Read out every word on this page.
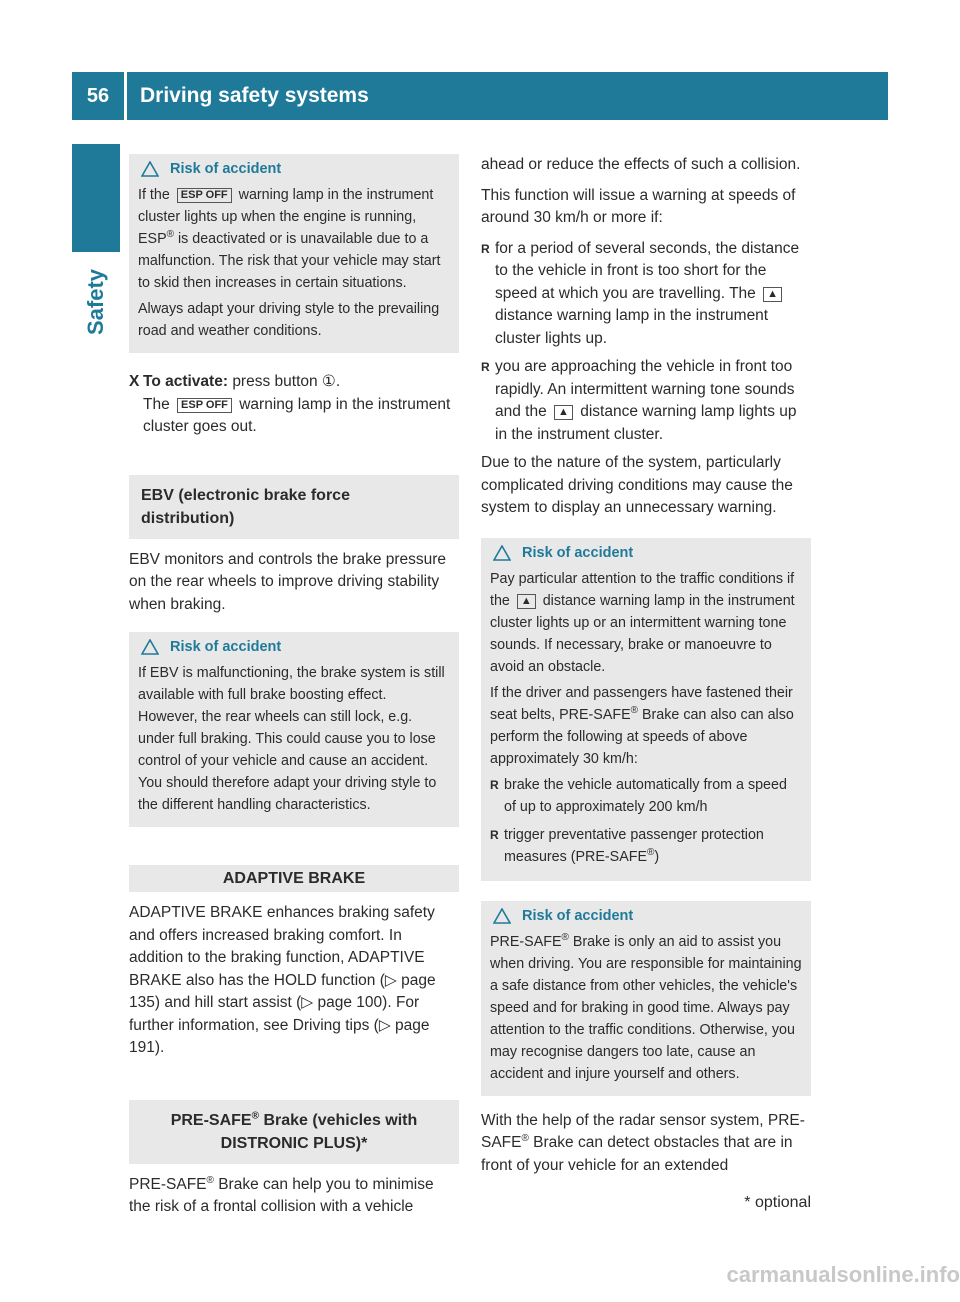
56	Driving safety systems
Safety
Risk of accident

If the ESP OFF warning lamp in the instrument cluster lights up when the engine is running, ESP® is deactivated or is unavailable due to a malfunction. The risk that your vehicle may start to skid then increases in certain situations.

Always adapt your driving style to the prevailing road and weather conditions.

X To activate: press button ①.
The ESP OFF warning lamp in the instrument cluster goes out.

EBV (electronic brake force distribution)

EBV monitors and controls the brake pressure on the rear wheels to improve driving stability when braking.

Risk of accident

If EBV is malfunctioning, the brake system is still available with full brake boosting effect. However, the rear wheels can still lock, e.g. under full braking. This could cause you to lose control of your vehicle and cause an accident. You should therefore adapt your driving style to the different handling characteristics.

ADAPTIVE BRAKE

ADAPTIVE BRAKE enhances braking safety and offers increased braking comfort. In addition to the braking function, ADAPTIVE BRAKE also has the HOLD function (▷ page 135) and hill start assist (▷ page 100). For further information, see Driving tips (▷ page 191).

PRE-SAFE® Brake (vehicles with DISTRONIC PLUS)*

PRE-SAFE® Brake can help you to minimise the risk of a frontal collision with a vehicle

ahead or reduce the effects of such a collision.

This function will issue a warning at speeds of around 30 km/h or more if:

R for a period of several seconds, the distance to the vehicle in front is too short for the speed at which you are travelling. The ▲ distance warning lamp in the instrument cluster lights up.
R you are approaching the vehicle in front too rapidly. An intermittent warning tone sounds and the ▲ distance warning lamp lights up in the instrument cluster.

Due to the nature of the system, particularly complicated driving conditions may cause the system to display an unnecessary warning.

Risk of accident

Pay particular attention to the traffic conditions if the ▲ distance warning lamp in the instrument cluster lights up or an intermittent warning tone sounds. If necessary, brake or manoeuvre to avoid an obstacle.

If the driver and passengers have fastened their seat belts, PRE-SAFE® Brake can also can also perform the following at speeds of above approximately 30 km/h:

R brake the vehicle automatically from a speed of up to approximately 200 km/h
R trigger preventative passenger protection measures (PRE-SAFE®)
Risk of accident

PRE-SAFE® Brake is only an aid to assist you when driving. You are responsible for maintaining a safe distance from other vehicles, the vehicle's speed and for braking in good time. Always pay attention to the traffic conditions. Otherwise, you may recognise dangers too late, cause an accident and injure yourself and others.

With the help of the radar sensor system, PRE-SAFE® Brake can detect obstacles that are in front of your vehicle for an extended

* optional
carmanualsonline.info
